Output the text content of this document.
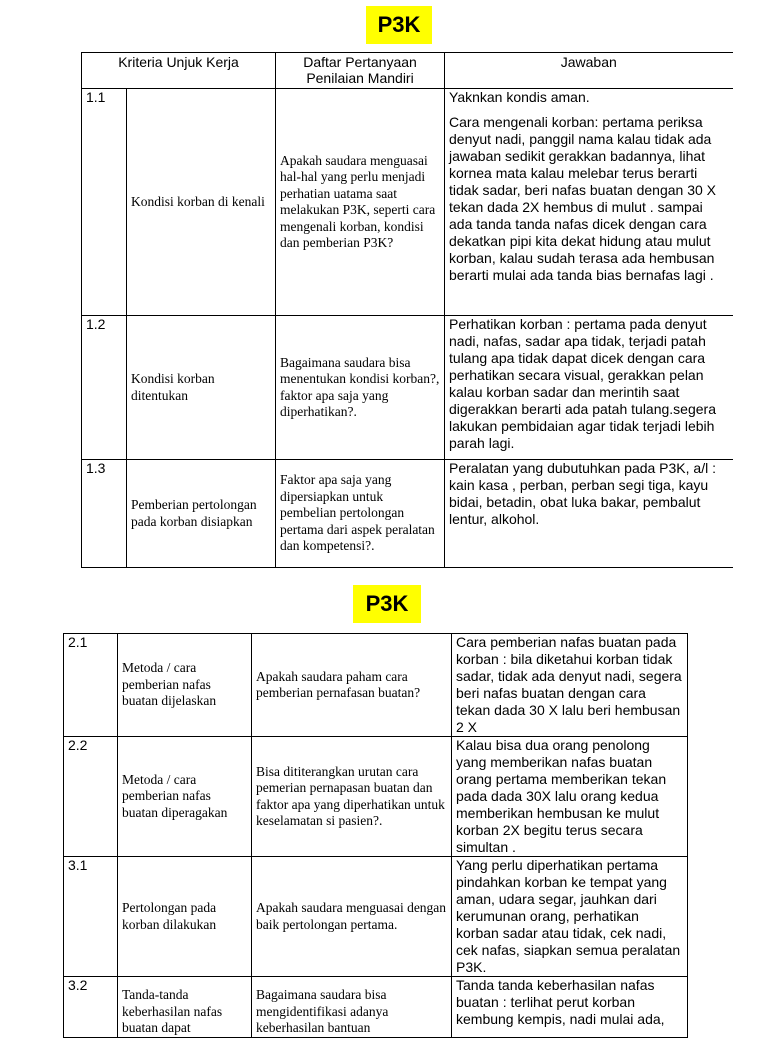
P3K
Kriteria Unjuk Kerja		Daftar Pertanyaan Penilaian Mandiri	Jawaban
1.1	Kondisi korban di kenali	Apakah saudara menguasai hal-hal yang perlu menjadi perhatian uatama saat melakukan P3K, seperti cara mengenali korban, kondisi dan pemberian P3K?	Yaknkan kondis aman.

Cara mengenali korban: pertama periksa denyut nadi, panggil nama kalau tidak ada jawaban sedikit gerakkan badannya, lihat kornea mata kalau melebar terus berarti tidak sadar, beri nafas buatan dengan 30 X tekan dada 2X hembus di mulut . sampai ada tanda tanda nafas dicek dengan cara dekatkan pipi kita dekat hidung atau mulut korban, kalau sudah terasa ada hembusan berarti mulai ada tanda bias bernafas lagi .

1.2	Kondisi korban ditentukan	Bagaimana saudara bisa menentukan kondisi korban?, faktor apa saja yang diperhatikan?.	Perhatikan korban : pertama pada denyut nadi, nafas, sadar apa tidak, terjadi patah tulang apa tidak dapat dicek dengan cara perhatikan secara visual, gerakkan pelan kalau korban sadar dan merintih saat digerakkan berarti ada patah tulang.segera lakukan pembidaian agar tidak terjadi lebih parah lagi.

1.3	Pemberian pertolongan pada korban disiapkan	Faktor apa saja yang dipersiapkan untuk pembelian pertolongan pertama dari aspek peralatan dan kompetensi?.	Peralatan yang dubutuhkan pada P3K, a/l : kain kasa , perban, perban segi tiga, kayu bidai, betadin, obat luka bakar, pembalut lentur, alkohol.

P3K
2.1	Metoda / cara pemberian nafas buatan dijelaskan	Apakah saudara paham cara pemberian pernafasan buatan?	Cara pemberian nafas buatan pada korban : bila diketahui korban tidak sadar, tidak ada denyut nadi, segera beri nafas buatan dengan cara tekan dada 30 X lalu beri hembusan 2 X
2.2	Metoda / cara pemberian nafas buatan diperagakan	Bisa dititerangkan urutan cara pemerian pernapasan buatan dan faktor apa yang diperhatikan untuk keselamatan si pasien?.	Kalau bisa dua orang penolong yang memberikan nafas buatan orang pertama memberikan tekan pada dada 30X lalu orang kedua memberikan hembusan ke mulut korban 2X begitu terus secara simultan .
3.1	Pertolongan pada korban dilakukan	Apakah saudara menguasai dengan baik pertolongan pertama.	Yang perlu diperhatikan pertama pindahkan korban ke tempat yang aman, udara segar, jauhkan dari kerumunan orang, perhatikan korban sadar atau tidak, cek nadi, cek nafas, siapkan semua peralatan P3K.
3.2	Tanda-tanda keberhasilan nafas buatan dapat	Bagaimana saudara bisa mengidentifikasi adanya keberhasilan bantuan	Tanda tanda keberhasilan nafas buatan : terlihat perut korban kembung kempis, nadi mulai ada,
